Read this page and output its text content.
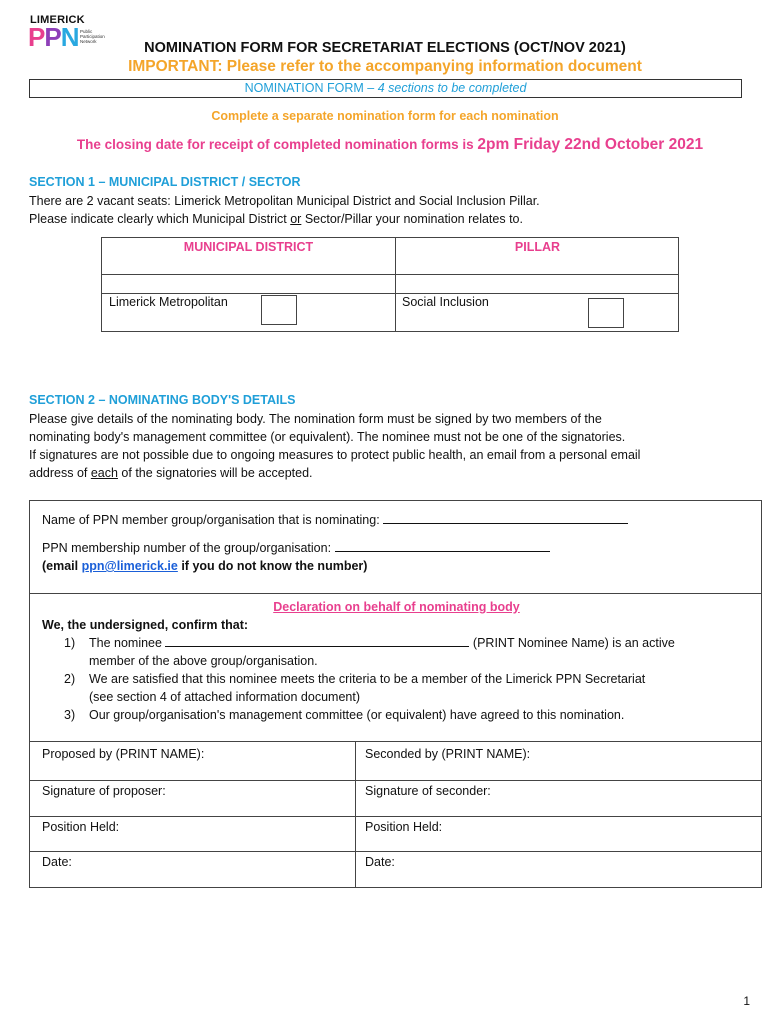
LIMERICK
PPN Public
Participation
Network	NOMINATION FORM FOR SECRETARIAT ELECTIONS (OCT/NOV 2021)
IMPORTANT: Please refer to the accompanying information document
NOMINATION FORM – 4 sections to be completed
Complete a separate nomination form for each nomination
The closing date for receipt of completed nomination forms is 2pm Friday 22nd October 2021
SECTION 1 – MUNICIPAL DISTRICT / SECTOR
There are 2 vacant seats: Limerick Metropolitan Municipal District and Social Inclusion Pillar.
Please indicate clearly which Municipal District or Sector/Pillar your nomination relates to.
MUNICIPAL DISTRICT	PILLAR
Limerick Metropolitan	Social Inclusion
SECTION 2 – NOMINATING BODY'S DETAILS
Please give details of the nominating body. The nomination form must be signed by two members of the
nominating body's management committee (or equivalent). The nominee must not be one of the signatories.
If signatures are not possible due to ongoing measures to protect public health, an email from a personal email
address of each of the signatories will be accepted.
Name of PPN member group/organisation that is nominating:
PPN membership number of the group/organisation:
(email ppn@limerick.ie if you do not know the number)
Declaration on behalf of nominating body
We, the undersigned, confirm that:
1) The nominee	(PRINT Nominee Name) is an active
member of the above group/organisation.
2) We are satisfied that this nominee meets the criteria to be a member of the Limerick PPN Secretariat
(see section 4 of attached information document)
3) Our group/organisation's management committee (or equivalent) have agreed to this nomination.
Proposed by (PRINT NAME):	Seconded by (PRINT NAME):
Signature of proposer:	Signature of seconder:
Position Held:	Position Held:
Date:	Date:
1
